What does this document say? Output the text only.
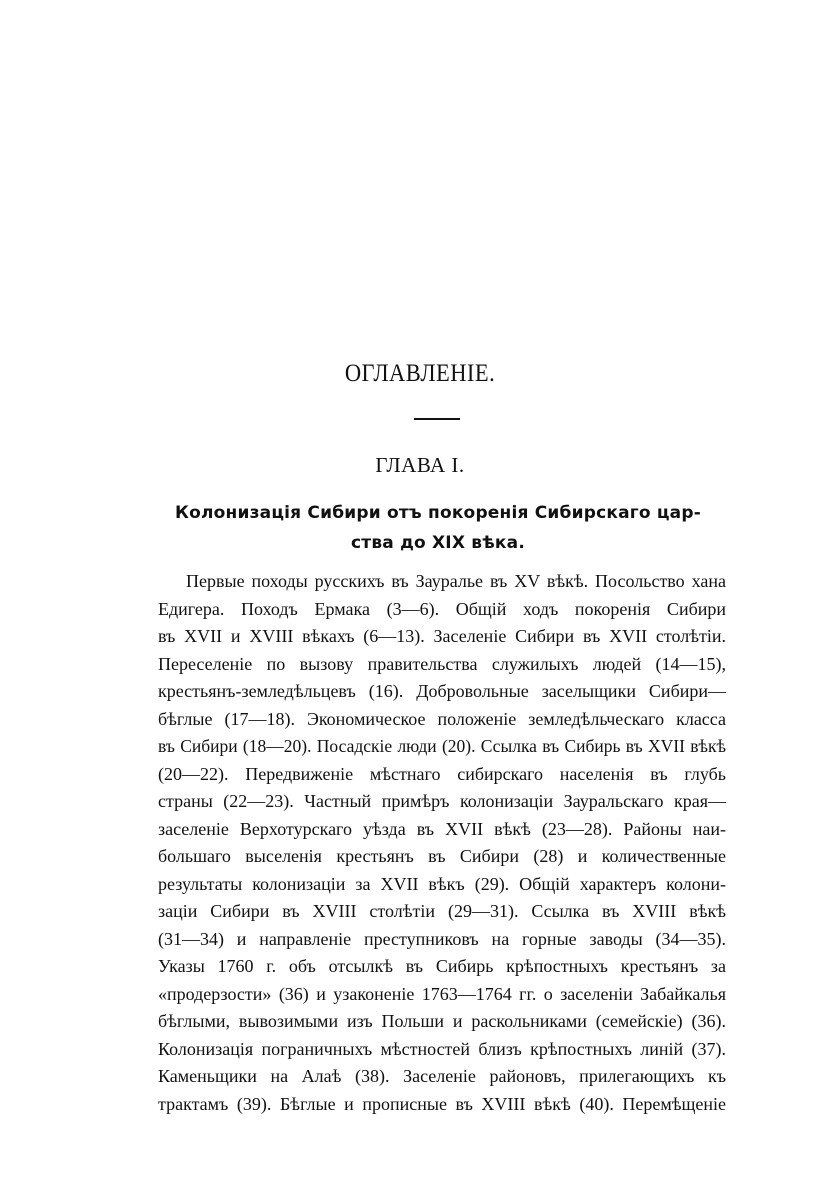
ОГЛАВЛЕНІЕ.
ГЛАВА I.
Колонизація Сибири отъ покоренія Сибирскаго цар-
ства до XIX вѣка.
Первые походы русскихъ въ Зауралье въ XV вѣкѣ. Посольство хана
Едигера. Походъ Ермака (3—6). Общій ходъ покоренія Сибири
въ XVII и XVIII вѣкахъ (6—13). Заселеніе Сибири въ XVII столѣтіи.
Переселеніе по вызову правительства служилыхъ людей (14—15),
крестьянъ-земледѣльцевъ (16). Добровольные заселыщики Сибири—
бѣглые (17—18). Экономическое положеніе земледѣльческаго класса
въ Сибири (18—20). Посадскіе люди (20). Ссылка въ Сибирь въ XVII вѣкѣ
(20—22). Передвиженіе мѣстнаго сибирскаго населенія въ глубь
страны (22—23). Частный примѣръ колонизаціи Зауральскаго края—
заселеніе Верхотурскаго уѣзда въ XVII вѣкѣ (23—28). Районы наи-
большаго выселенія крестьянъ въ Сибири (28) и количественные
результаты колонизаціи за XVII вѣкъ (29). Общій характеръ колони-
заціи Сибири въ XVIII столѣтіи (29—31). Ссылка въ XVIII вѣкѣ
(31—34) и направленіе преступниковъ на горные заводы (34—35).
Указы 1760 г. объ отсылкѣ въ Сибирь крѣпостныхъ крестьянъ за
«продерзости» (36) и узаконеніе 1763—1764 гг. о заселеніи Забайкалья
бѣглыми, вывозимыми изъ Польши и раскольниками (семейскіе) (36).
Колонизація пограничныхъ мѣстностей близъ крѣпостныхъ линій (37).
Каменьщики на Алаѣ (38). Заселеніе районовъ, прилегающихъ къ
трактамъ (39). Бѣглые и прописные въ XVIII вѣкѣ (40). Перемѣщеніе
